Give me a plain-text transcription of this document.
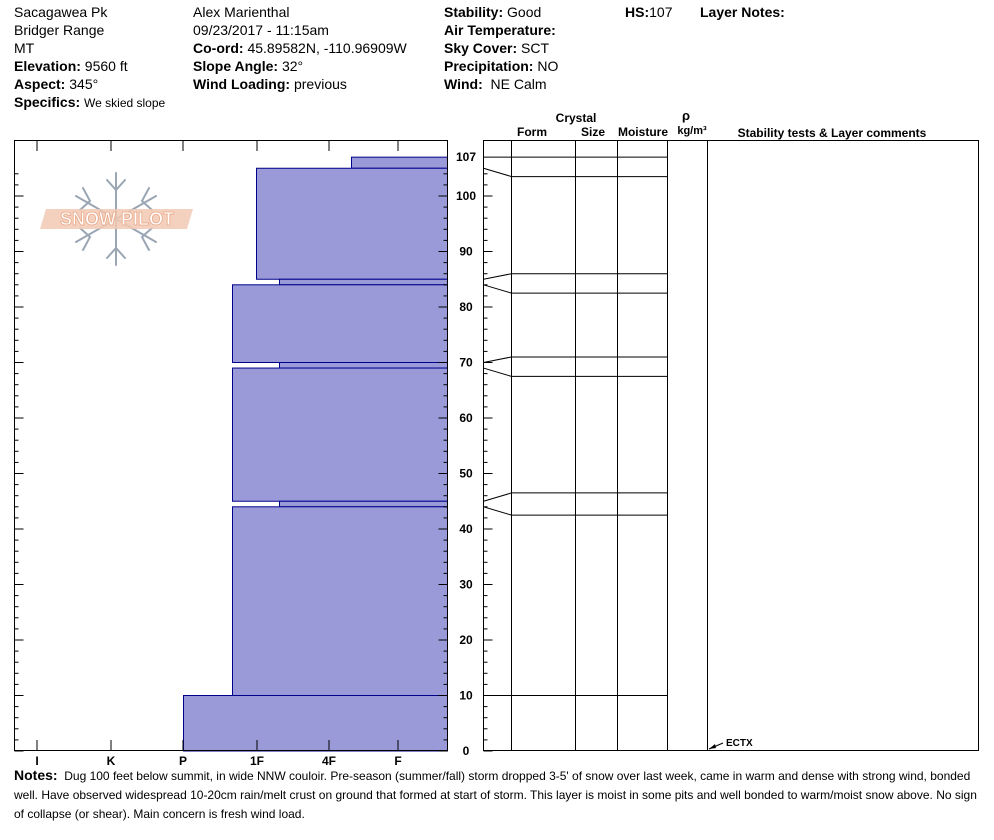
Sacagawea Pk
Bridger Range
MT
Elevation: 9560 ft
Aspect: 345°
Specifics: We skied slope
Alex Marienthal
09/23/2017 - 11:15am
Co-ord: 45.89582N, -110.96909W
Slope Angle: 32°
Wind Loading: previous
Stability: Good
Air Temperature:
Sky Cover: SCT
Precipitation: NO
Wind: NE Calm
HS:107 Layer Notes:
SNOW PILOT
I	K	P	1F	4F	F
0
10
20
30
40
50
60
70
80
90
100
107
Crystal
Form	Size Moisture
ρ
kg/m³	Stability tests & Layer comments
ECTX
Notes: Dug 100 feet below summit, in wide NNW couloir. Pre-season (summer/fall) storm dropped 3-5' of snow over last week, came in warm and dense with strong wind, bonded well. Have observed widespread 10-20cm rain/melt crust on ground that formed at start of storm. This layer is moist in some pits and well bonded to warm/moist snow above. No sign of collapse (or shear). Main concern is fresh wind load.
